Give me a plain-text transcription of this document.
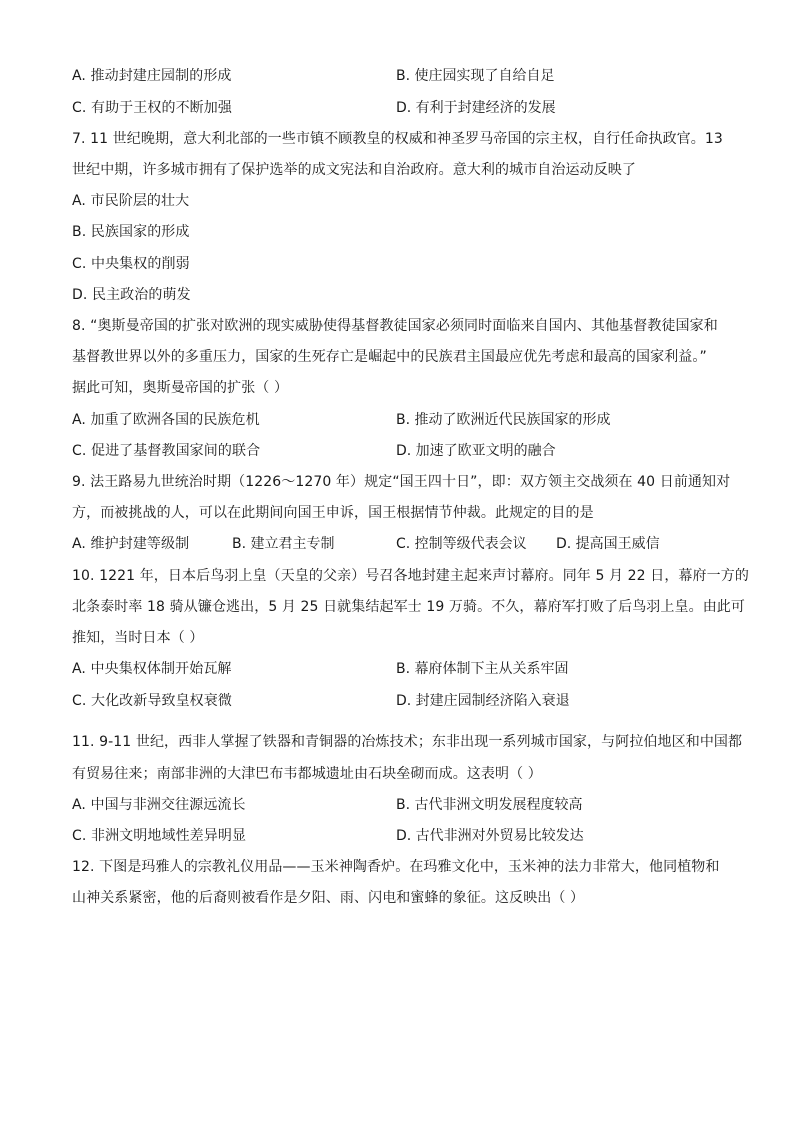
A. 推动封建庄园制的形成	B. 使庄园实现了自给自足
C. 有助于王权的不断加强	D. 有利于封建经济的发展
7. 11 世纪晚期，意大利北部的一些市镇不顾教皇的权威和神圣罗马帝国的宗主权，自行任命执政官。13
世纪中期，许多城市拥有了保护选举的成文宪法和自治政府。意大利的城市自治运动反映了
A. 市民阶层的壮大
B. 民族国家的形成
C. 中央集权的削弱
D. 民主政治的萌发
8. “奥斯曼帝国的扩张对欧洲的现实威胁使得基督教徒国家必须同时面临来自国内、其他基督教徒国家和
基督教世界以外的多重压力，国家的生死存亡是崛起中的民族君主国最应优先考虑和最高的国家利益。”
据此可知，奥斯曼帝国的扩张（ ）
A. 加重了欧洲各国的民族危机	B. 推动了欧洲近代民族国家的形成
C. 促进了基督教国家间的联合	D. 加速了欧亚文明的融合
9. 法王路易九世统治时期（1226～1270 年）规定“国王四十日”，即：双方领主交战须在 40 日前通知对
方，而被挑战的人，可以在此期间向国王申诉，国王根据情节仲裁。此规定的目的是
A. 维护封建等级制	B. 建立君主专制	C. 控制等级代表会议 D. 提高国王威信
10. 1221 年，日本后鸟羽上皇（天皇的父亲）号召各地封建主起来声讨幕府。同年 5 月 22 日，幕府一方的
北条泰时率 18 骑从镰仓逃出，5 月 25 日就集结起军士 19 万骑。不久，幕府军打败了后鸟羽上皇。由此可
推知，当时日本（ ）
A. 中央集权体制开始瓦解	B. 幕府体制下主从关系牢固
C. 大化改新导致皇权衰微	D. 封建庄园制经济陷入衰退
11. 9-11 世纪，西非人掌握了铁器和青铜器的冶炼技术；东非出现一系列城市国家，与阿拉伯地区和中国都
有贸易往来；南部非洲的大津巴布韦都城遗址由石块垒砌而成。这表明（ ）
A. 中国与非洲交往源远流长	B. 古代非洲文明发展程度较高
C. 非洲文明地域性差异明显	D. 古代非洲对外贸易比较发达
12. 下图是玛雅人的宗教礼仪用品——玉米神陶香炉。在玛雅文化中，玉米神的法力非常大，他同植物和
山神关系紧密，他的后裔则被看作是夕阳、雨、闪电和蜜蜂的象征。这反映出（ ）
